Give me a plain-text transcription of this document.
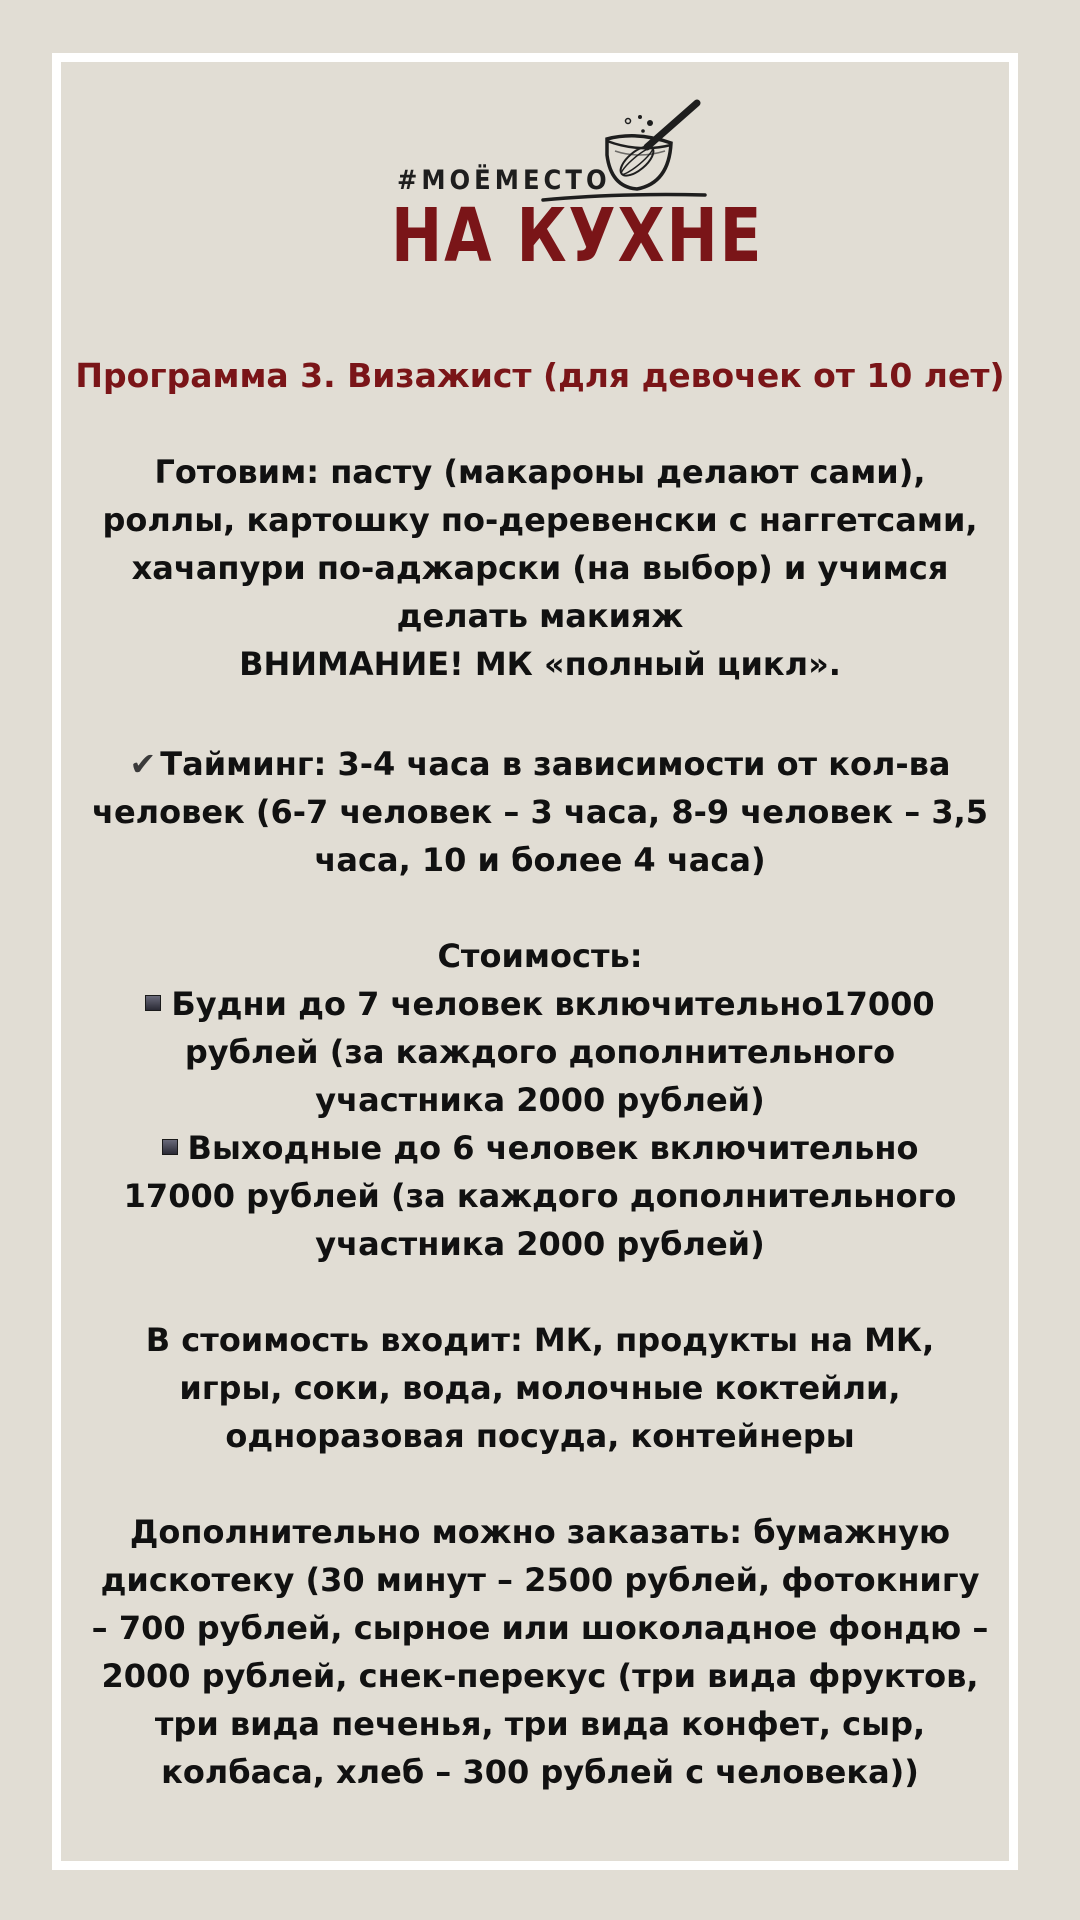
#МОЁМЕСТО
НА КУХНЕ
Программа 3. Визажист (для девочек от 10 лет)
Готовим: пасту (макароны делают сами),
роллы, картошку по-деревенски с наггетсами,
хачапури по-аджарски (на выбор) и учимся
делать макияж
ВНИМАНИЕ! МК «полный цикл».
✔ Тайминг: 3-4 часа в зависимости от кол-ва
человек (6-7 человек – 3 часа, 8-9 человек – 3,5
часа, 10 и более 4 часа)
Стоимость:
Будни до 7 человек включительно17000
рублей (за каждого дополнительного
участника 2000 рублей)
Выходные до 6 человек включительно
17000 рублей (за каждого дополнительного
участника 2000 рублей)
В стоимость входит: МК, продукты на МК,
игры, соки, вода, молочные коктейли,
одноразовая посуда, контейнеры
Дополнительно можно заказать: бумажную
дискотеку (30 минут – 2500 рублей, фотокнигу
– 700 рублей, сырное или шоколадное фондю –
2000 рублей, снек-перекус (три вида фруктов,
три вида печенья, три вида конфет, сыр,
колбаса, хлеб – 300 рублей с человека))
